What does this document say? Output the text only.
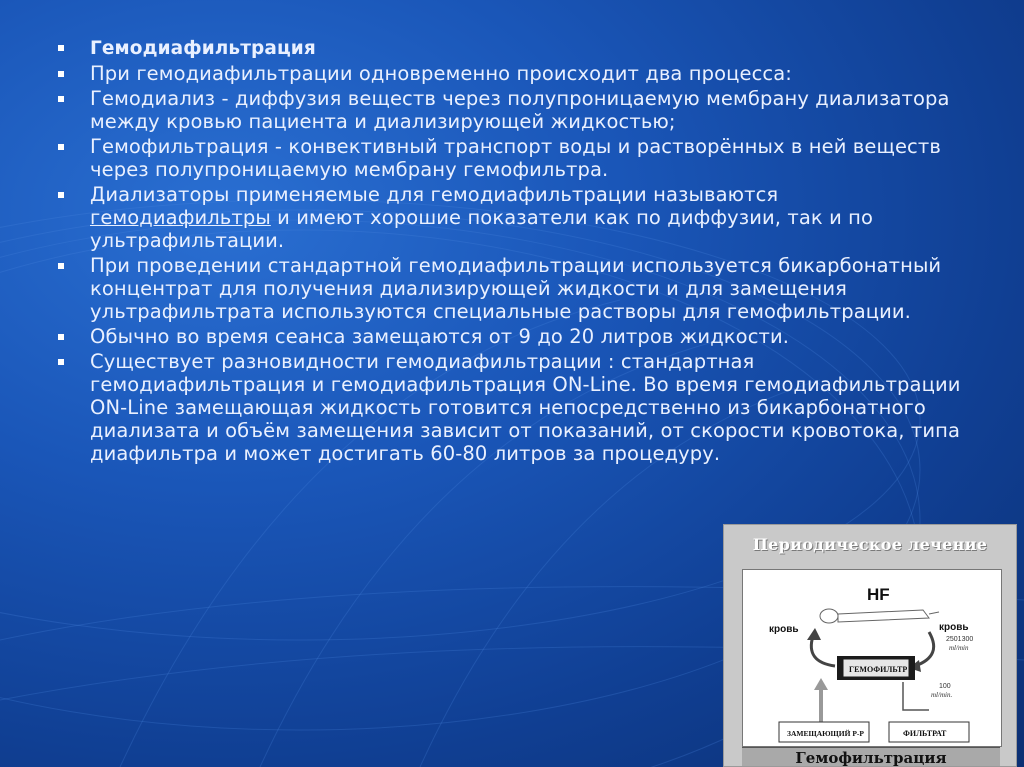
Гемодиафильтрация
При гемодиафильтрации одновременно происходит два процесса:
Гемодиализ - диффузия веществ через полупроницаемую мембрану диализатора между кровью пациента и диализирующей жидкостью;
Гемофильтрация - конвективный транспорт воды и растворённых в ней веществ через полупроницаемую мембрану гемофильтра.
Диализаторы применяемые для гемодиафильтрации называются гемодиафильтры и имеют хорошие показатели как по диффузии, так и по ультрафильтации.
При проведении стандартной гемодиафильтрации используется бикарбонатный концентрат для получения диализирующей жидкости и для замещения ультрафильтрата используются специальные растворы для гемофильтрации.
Обычно во время сеанса замещаются от 9 до 20 литров жидкости.
Существует разновидности гемодиафильтрации : стандартная гемодиафильтрация и гемодиафильтрация ON-Line. Во время гемодиафильтрации ON-Line замещающая жидкость готовится непосредственно из бикарбонатного диализата и объём замещения зависит от показаний, от скорости кровотока, типа диафильтра и может достигать 60-80 литров за процедуру.
Периодическое лечение
HF
кровь	кровь
2501300
ml/min
ГЕМОФИЛЬТР
100
ml/min.
ЗАМЕЩАЮЩИЙ Р-Р	ФИЛЬТРАТ
Гемофильтрация
